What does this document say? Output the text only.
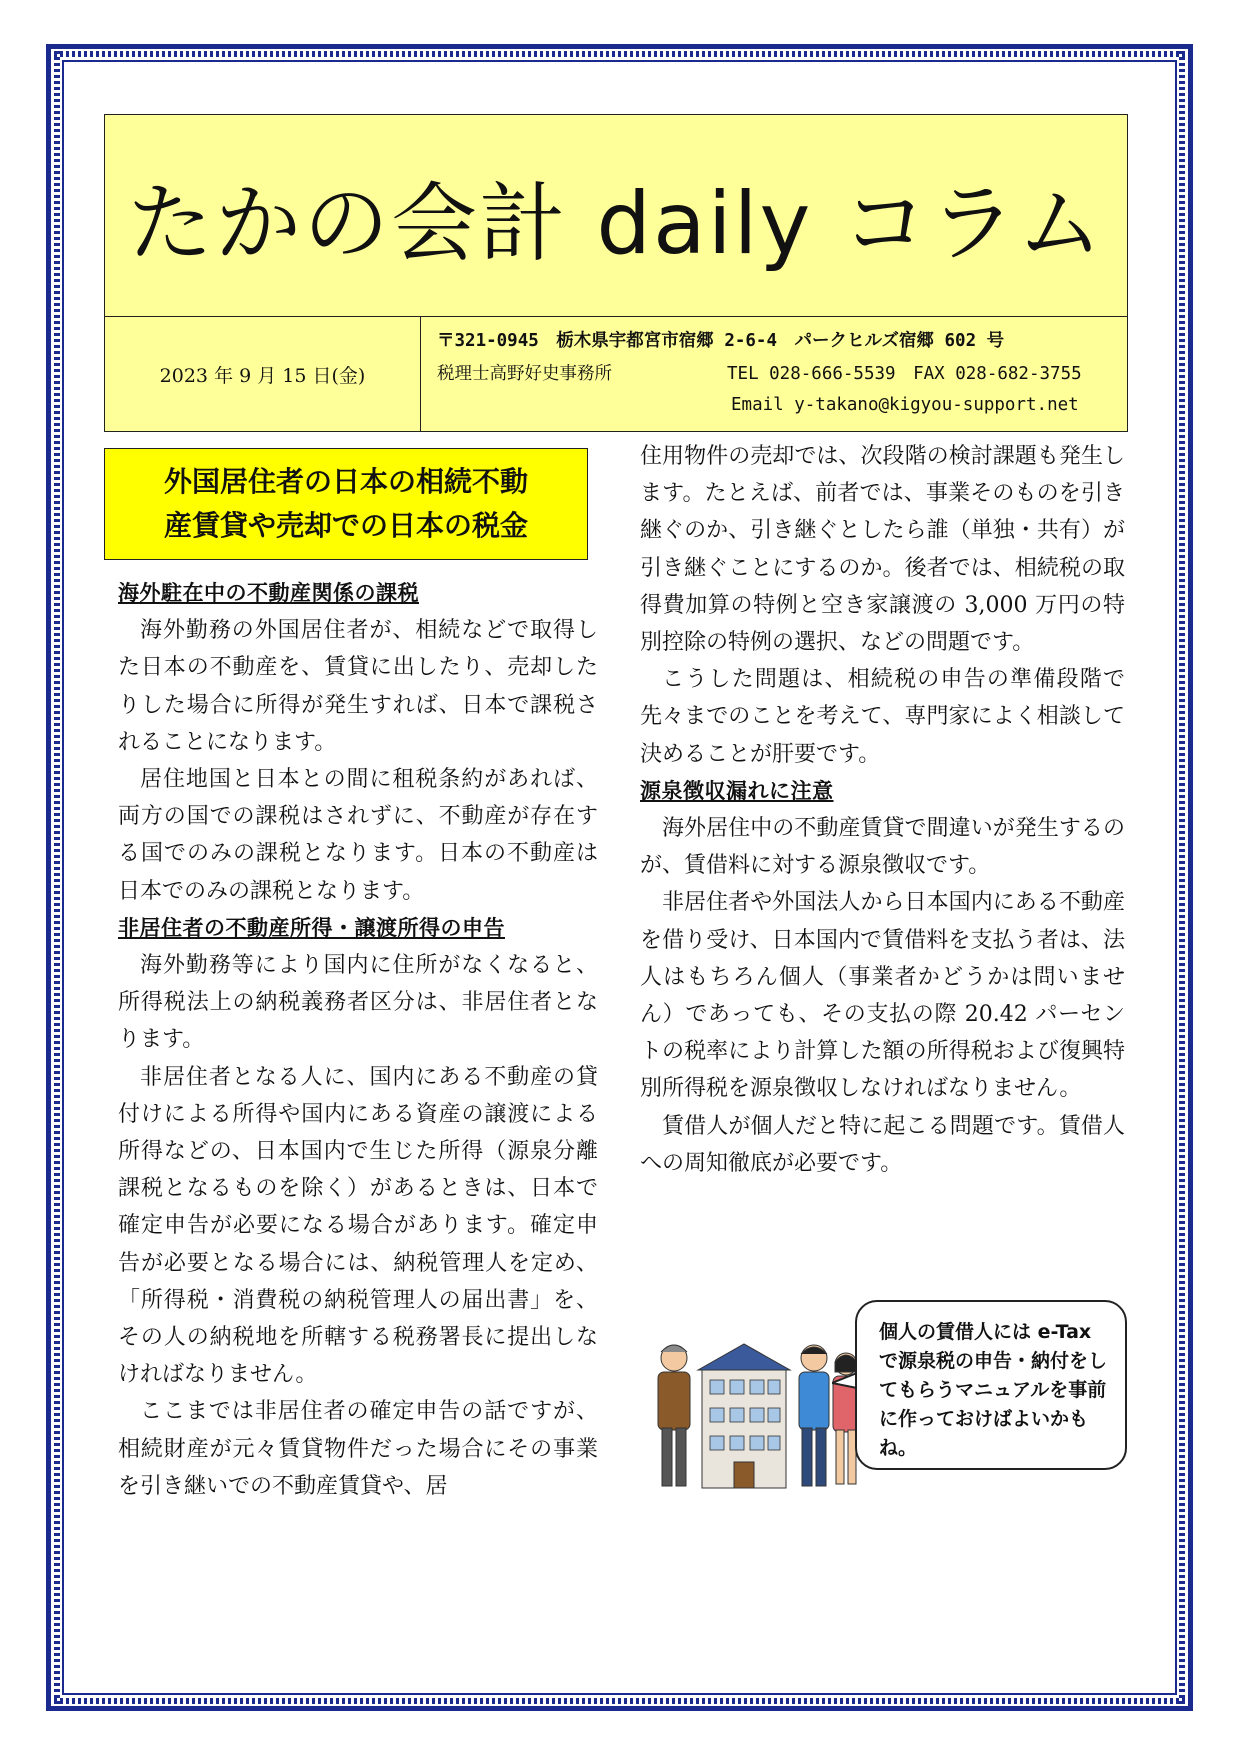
たかの会計 daily コラム
2023 年 9 月 15 日(金)
〒321-0945　栃木県宇都宮市宿郷 2-6-4　パークヒルズ宿郷 602 号
税理士高野好史事務所	TEL 028-666-5539　FAX 028-682-3755
Email y-takano@kigyou-support.net
外国居住者の日本の相続不動
産賃貸や売却での日本の税金

海外駐在中の不動産関係の課税

海外勤務の外国居住者が、相続などで取得した日本の不動産を、賃貸に出したり、売却したりした場合に所得が発生すれば、日本で課税されることになります。

居住地国と日本との間に租税条約があれば、両方の国での課税はされずに、不動産が存在する国でのみの課税となります。日本の不動産は日本でのみの課税となります。

非居住者の不動産所得・譲渡所得の申告

海外勤務等により国内に住所がなくなると、所得税法上の納税義務者区分は、非居住者となります。

非居住者となる人に、国内にある不動産の貸付けによる所得や国内にある資産の譲渡による所得などの、日本国内で生じた所得（源泉分離課税となるものを除く）があるときは、日本で確定申告が必要になる場合があります。確定申告が必要となる場合には、納税管理人を定め、「所得税・消費税の納税管理人の届出書」を、その人の納税地を所轄する税務署長に提出しなければなりません。

ここまでは非居住者の確定申告の話ですが、相続財産が元々賃貸物件だった場合にその事業を引き継いでの不動産賃貸や、居

住用物件の売却では、次段階の検討課題も発生します。たとえば、前者では、事業そのものを引き継ぐのか、引き継ぐとしたら誰（単独・共有）が引き継ぐことにするのか。後者では、相続税の取得費加算の特例と空き家譲渡の 3,000 万円の特別控除の特例の選択、などの問題です。

こうした問題は、相続税の申告の準備段階で先々までのことを考えて、専門家によく相談して決めることが肝要です。

源泉徴収漏れに注意

海外居住中の不動産賃貸で間違いが発生するのが、賃借料に対する源泉徴収です。

非居住者や外国法人から日本国内にある不動産を借り受け、日本国内で賃借料を支払う者は、法人はもちろん個人（事業者かどうかは問いません）であっても、その支払の際 20.42 パーセントの税率により計算した額の所得税および復興特別所得税を源泉徴収しなければなりません。

賃借人が個人だと特に起こる問題です。賃借人への周知徹底が必要です。

個人の賃借人には e-Tax で源泉税の申告・納付をしてもらうマニュアルを事前に作っておけばよいかもね。
